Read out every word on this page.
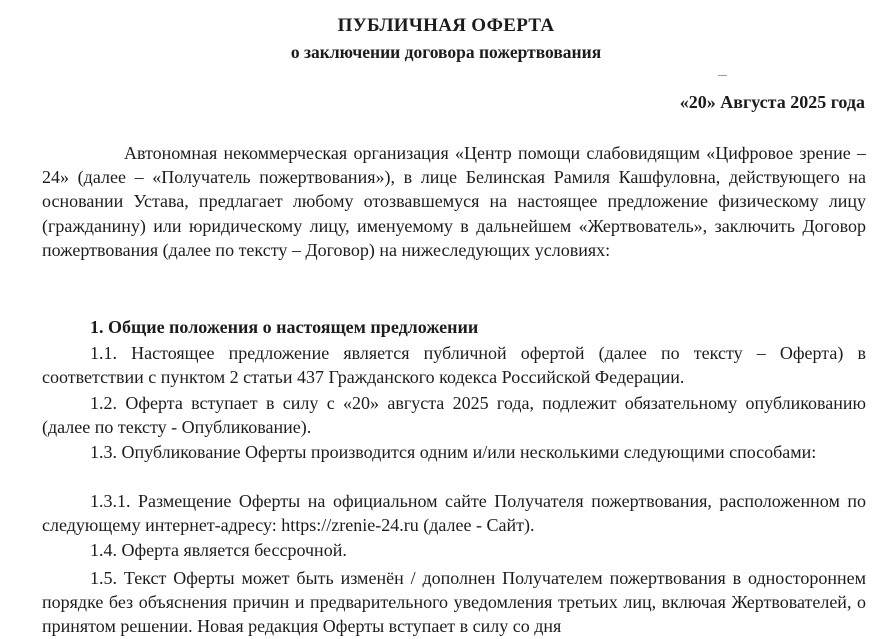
ПУБЛИЧНАЯ ОФЕРТА
о заключении договора пожертвования
«20» Августа 2025 года

Автономная некоммерческая организация «Центр помощи слабовидящим «Цифровое зрение – 24» (далее – «Получатель пожертвования»), в лице Белинская Рамиля Кашфуловна, действующего на основании Устава, предлагает любому отозвавшемуся на настоящее предложение физическому лицу (гражданину) или юридическому лицу, именуемому в дальнейшем «Жертвователь», заключить Договор пожертвования (далее по тексту – Договор) на нижеследующих условиях:

1. Общие положения о настоящем предложении

1.1. Настоящее предложение является публичной офертой (далее по тексту – Оферта) в соответствии с пунктом 2 статьи 437 Гражданского кодекса Российской Федерации.

1.2. Оферта вступает в силу с «20» августа 2025 года, подлежит обязательному опубликованию (далее по тексту - Опубликование).

1.3. Опубликование Оферты производится одним и/или несколькими следующими способами:

1.3.1. Размещение Оферты на официальном сайте Получателя пожертвования, расположенном по следующему интернет-адресу: https://zrenie-24.ru (далее - Сайт).

1.4. Оферта является бессрочной.

1.5. Текст Оферты может быть изменён / дополнен Получателем пожертвования в одностороннем порядке без объяснения причин и предварительного уведомления третьих лиц, включая Жертвователей, о принятом решении. Новая редакция Оферты вступает в силу со дня
